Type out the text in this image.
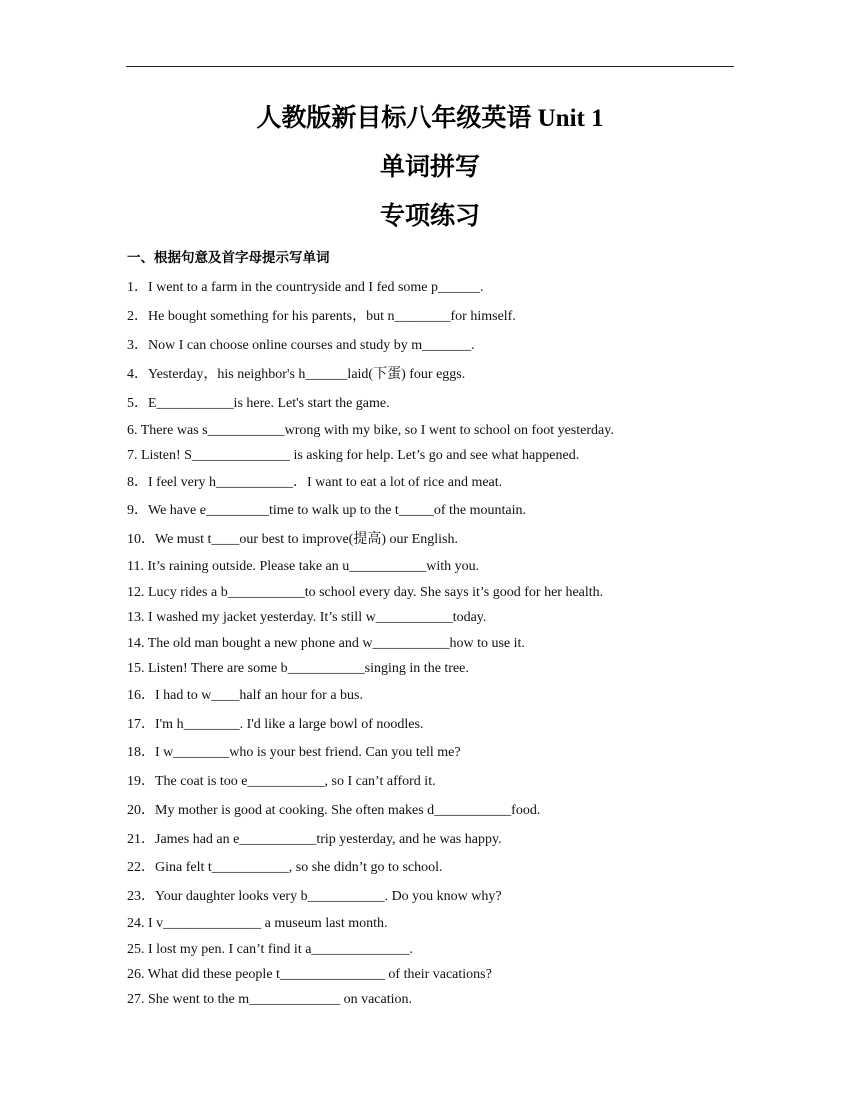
人教版新目标八年级英语 Unit 1
单词拼写
专项练习
一、根据句意及首字母提示写单词
1．I went to a farm in the countryside and I fed some p______.
2．He bought something for his parents，but n________for himself.
3．Now I can choose online courses and study by m_______.
4．Yesterday，his neighbor's h______laid(下蛋) four eggs.
5．E___________is here. Let's start the game.
6. There was s___________wrong with my bike, so I went to school on foot yesterday.
7. Listen! S______________ is asking for help. Let’s go and see what happened.
8．I feel very h___________．I want to eat a lot of rice and meat.
9．We have e_________time to walk up to the t_____of the mountain.
10．We must t____our best to improve(提高) our English.
11. It’s raining outside. Please take an u___________with you.
12. Lucy rides a b___________to school every day. She says it’s good for her health.
13. I washed my jacket yesterday. It’s still w___________today.
14. The old man bought a new phone and w___________how to use it.
15. Listen! There are some b___________singing in the tree.
16．I had to w____half an hour for a bus.
17．I'm h________. I'd like a large bowl of noodles.
18．I w________who is your best friend. Can you tell me?
19．The coat is too e___________, so I can’t afford it.
20．My mother is good at cooking. She often makes d___________food.
21．James had an e___________trip yesterday, and he was happy.
22．Gina felt t___________, so she didn’t go to school.
23．Your daughter looks very b___________. Do you know why?
24. I v______________ a museum last month.
25. I lost my pen. I can’t find it a______________.
26. What did these people t_______________ of their vacations?
27. She went to the m_____________ on vacation.
